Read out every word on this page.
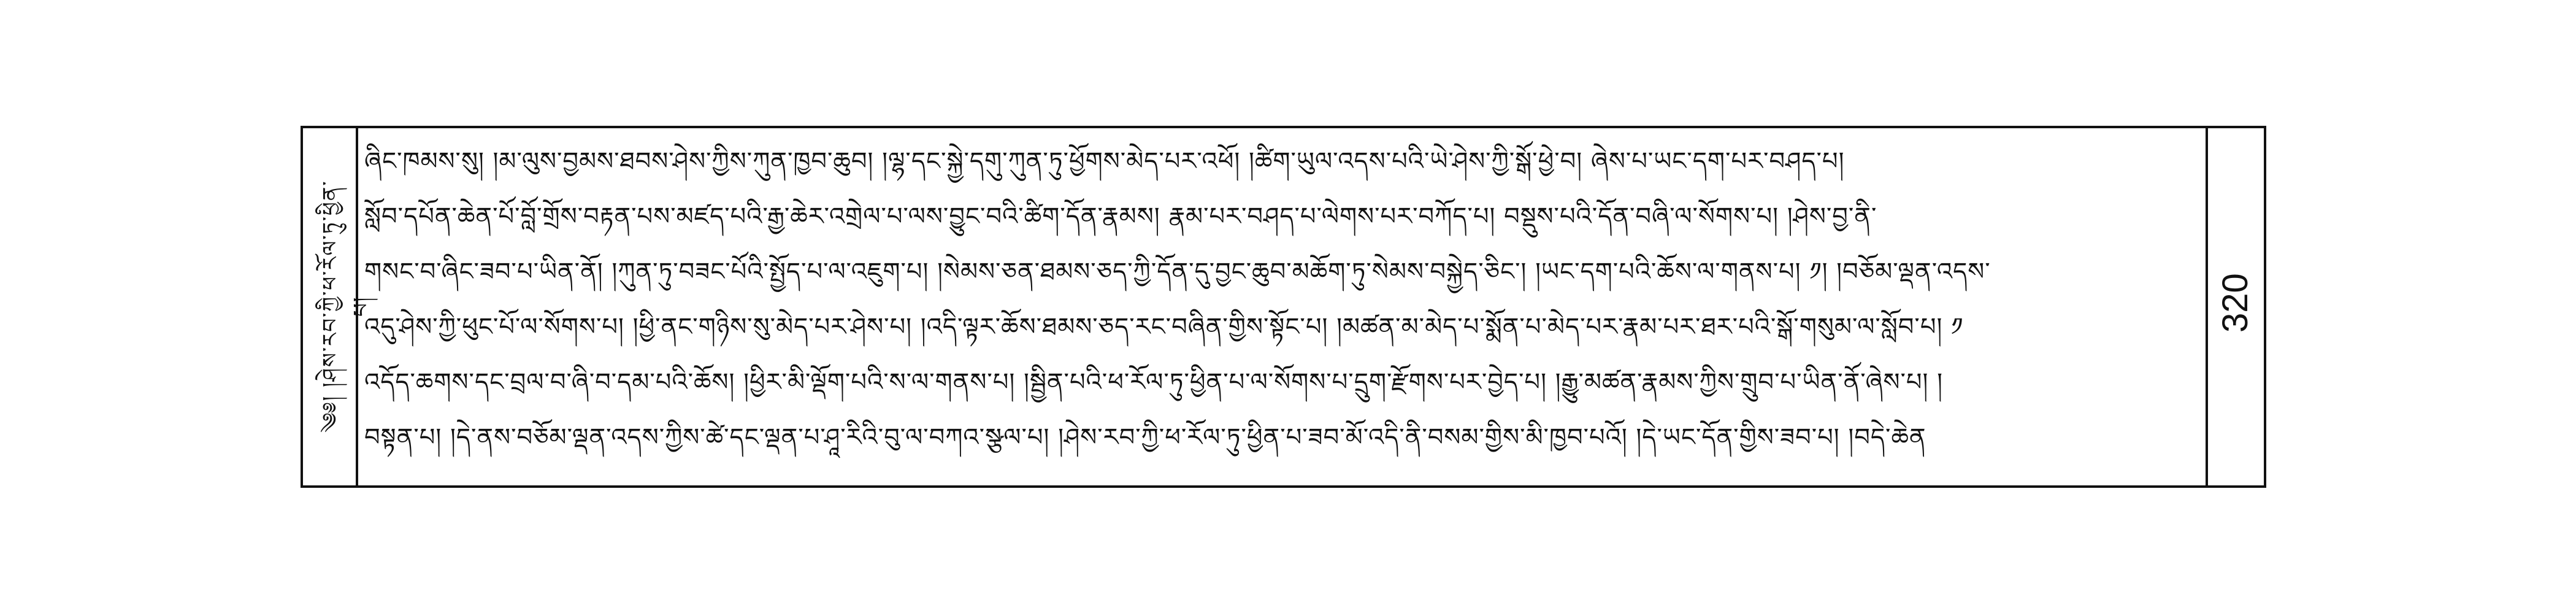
༄༅། །ཤེས་རབ་ཀྱི་ཕ་རོལ་ཏུ་ཕྱིན་པ།
ཞིང་ཁམས་སུ། །མ་ལུས་བྱམས་ཐབས་ཤེས་ཀྱིས་ཀུན་ཁྱབ་ཆུབ། །ལྷ་དང་སྐྱེ་དགུ་ཀུན་ཏུ་ཕྱོགས་མེད་པར་འཕོ། །ཚིག་ཡུལ་འདས་པའི་ཡེ་ཤེས་ཀྱི་སྒོ་ཕྱེ་བ། ཞེས་པ་ཡང་དག་པར་བཤད་པ།
སློབ་དཔོན་ཆེན་པོ་བློ་གྲོས་བརྟན་པས་མཛད་པའི་རྒྱ་ཆེར་འགྲེལ་པ་ལས་བྱུང་བའི་ཚིག་དོན་རྣམས། རྣམ་པར་བཤད་པ་ལེགས་པར་བཀོད་པ། བསྡུས་པའི་དོན་བཞི་ལ་སོགས་པ། །ཤེས་བྱ་ནི་
གསང་བ་ཞིང་ཟབ་པ་ཡིན་ནོ། །ཀུན་ཏུ་བཟང་པོའི་སྤྱོད་པ་ལ་འཇུག་པ། །སེམས་ཅན་ཐམས་ཅད་ཀྱི་དོན་དུ་བྱང་ཆུབ་མཆོག་ཏུ་སེམས་བསྐྱེད་ཅིང་། །ཡང་དག་པའི་ཆོས་ལ་གནས་པ། ༡། །བཅོམ་ལྡན་འདས་
འདུ་ཤེས་ཀྱི་ཕུང་པོ་ལ་སོགས་པ། །ཕྱི་ནང་གཉིས་སུ་མེད་པར་ཤེས་པ། །འདི་ལྟར་ཆོས་ཐམས་ཅད་རང་བཞིན་གྱིས་སྟོང་པ། །མཚན་མ་མེད་པ་སྨོན་པ་མེད་པར་རྣམ་པར་ཐར་པའི་སྒོ་གསུམ་ལ་སློབ་པ། ༡
འདོད་ཆགས་དང་བྲལ་བ་ཞི་བ་དམ་པའི་ཆོས། །ཕྱིར་མི་ལྡོག་པའི་ས་ལ་གནས་པ། །སྦྱིན་པའི་ཕ་རོལ་ཏུ་ཕྱིན་པ་ལ་སོགས་པ་དྲུག་རྫོགས་པར་བྱེད་པ། །རྒྱུ་མཚན་རྣམས་ཀྱིས་གྲུབ་པ་ཡིན་ནོ་ཞེས་པ། །
བསྟན་པ། །དེ་ནས་བཅོམ་ལྡན་འདས་ཀྱིས་ཚེ་དང་ལྡན་པ་ཤཱ་རིའི་བུ་ལ་བཀའ་སྩལ་པ། །ཤེས་རབ་ཀྱི་ཕ་རོལ་ཏུ་ཕྱིན་པ་ཟབ་མོ་འདི་ནི་བསམ་གྱིས་མི་ཁྱབ་པའོ། །དེ་ཡང་དོན་གྱིས་ཟབ་པ། །བདེ་ཆེན
320
